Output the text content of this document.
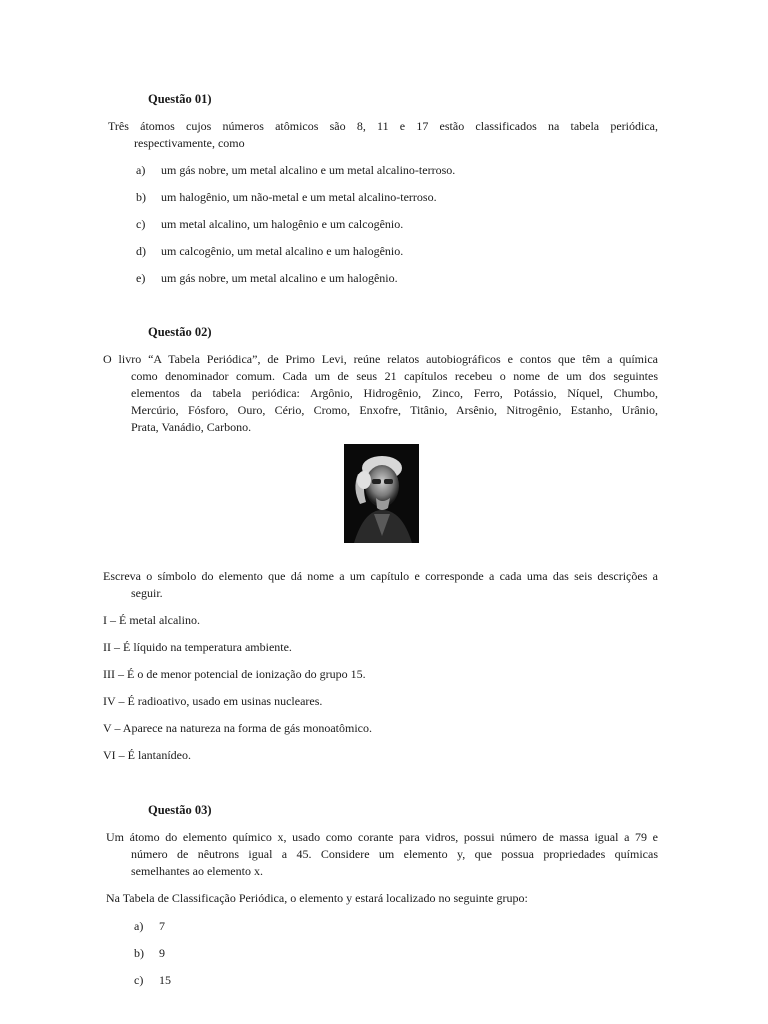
Questão 01)
Três átomos cujos números atômicos são 8, 11 e 17 estão classificados na tabela periódica,
respectivamente, como
a) um gás nobre, um metal alcalino e um metal alcalino-terroso.
b) um halogênio, um não-metal e um metal alcalino-terroso.
c) um metal alcalino, um halogênio e um calcogênio.
d) um calcogênio, um metal alcalino e um halogênio.
e) um gás nobre, um metal alcalino e um halogênio.
Questão 02)
O livro “A Tabela Periódica”, de Primo Levi, reúne relatos autobiográficos e contos que têm a química
como denominador comum. Cada um de seus 21 capítulos recebeu o nome de um dos seguintes
elementos da tabela periódica: Argônio, Hidrogênio, Zinco, Ferro, Potássio, Níquel, Chumbo,
Mercúrio, Fósforo, Ouro, Cério, Cromo, Enxofre, Titânio, Arsênio, Nitrogênio, Estanho, Urânio,
Prata, Vanádio, Carbono.
Escreva o símbolo do elemento que dá nome a um capítulo e corresponde a cada uma das seis descrições a
seguir.
I – É metal alcalino.
II – É líquido na temperatura ambiente.
III – É o de menor potencial de ionização do grupo 15.
IV – É radioativo, usado em usinas nucleares.
V – Aparece na natureza na forma de gás monoatômico.
VI – É lantanídeo.
Questão 03)
Um átomo do elemento químico x, usado como corante para vidros, possui número de massa igual a 79 e
número de nêutrons igual a 45. Considere um elemento y, que possua propriedades químicas
semelhantes ao elemento x.
Na Tabela de Classificação Periódica, o elemento y estará localizado no seguinte grupo:
a) 7
b) 9
c) 15
